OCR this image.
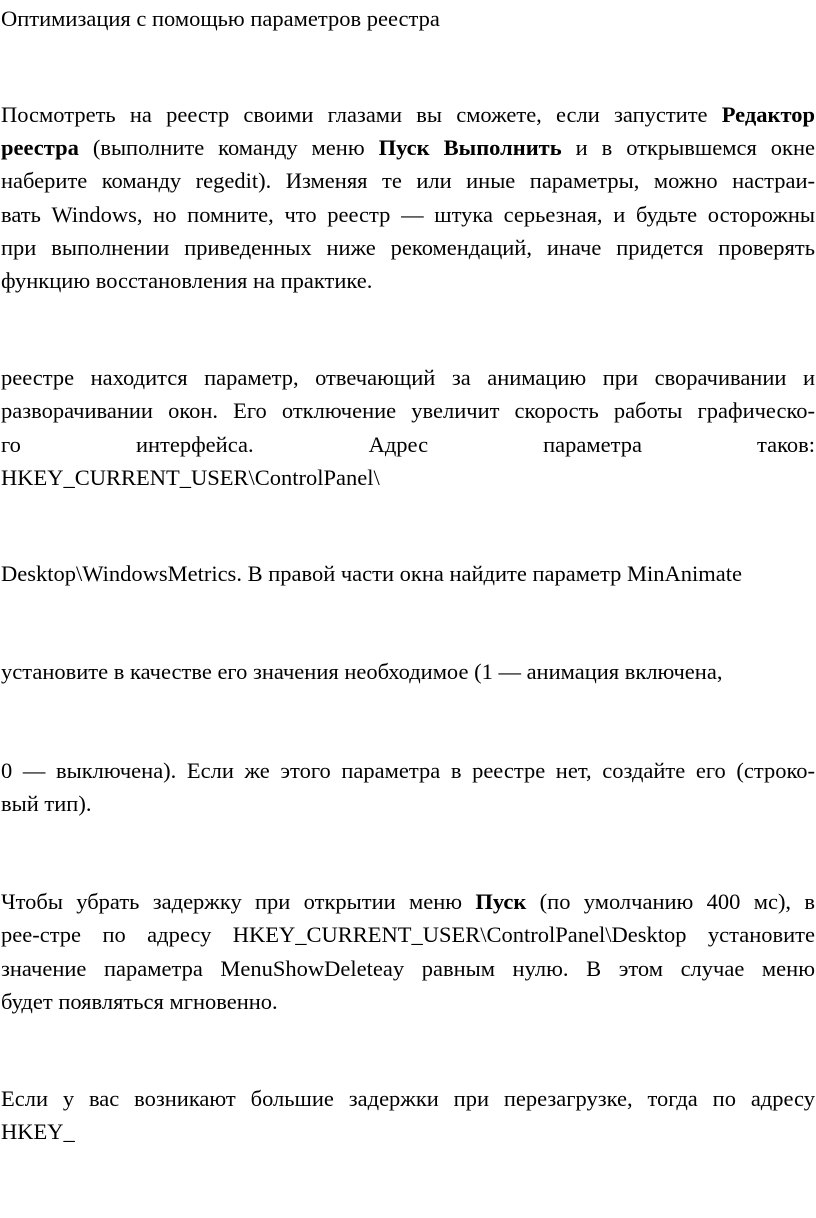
Оптимизация с помощью параметров реестра
Посмотреть на реестр своими глазами вы сможете, если запустите Редактор
реестра (выполните команду меню Пуск Выполнить и в открывшемся окне
наберите команду regedit). Изменяя те или иные параметры, можно настраи-
вать Windows, но помните, что реестр — штука серьезная, и будьте осторожны
при выполнении приведенных ниже рекомендаций, иначе придется проверять
функцию восстановления на практике.
реестре находится параметр, отвечающий за анимацию при сворачивании и
разворачивании окон. Его отключение увеличит скорость работы графическо-
го интерфейса. Адрес параметра таков:
HKEY_CURRENT_USER\ControlPanel\
Desktop\WindowsMetrics. В правой части окна найдите параметр MinAnimate
установите в качестве его значения необходимое (1 — анимация включена,
0 — выключена). Если же этого параметра в реестре нет, создайте его (строко-
вый тип).
Чтобы убрать задержку при открытии меню Пуск (по умолчанию 400 мс), в
рее-стре по адресу HKEY_CURRENT_USER\ControlPanel\Desktop установите
значение параметра MenuShowDeleteay равным нулю. В этом случае меню
будет появляться мгновенно.
Если у вас возникают большие задержки при перезагрузке, тогда по адресу
HKEY_
